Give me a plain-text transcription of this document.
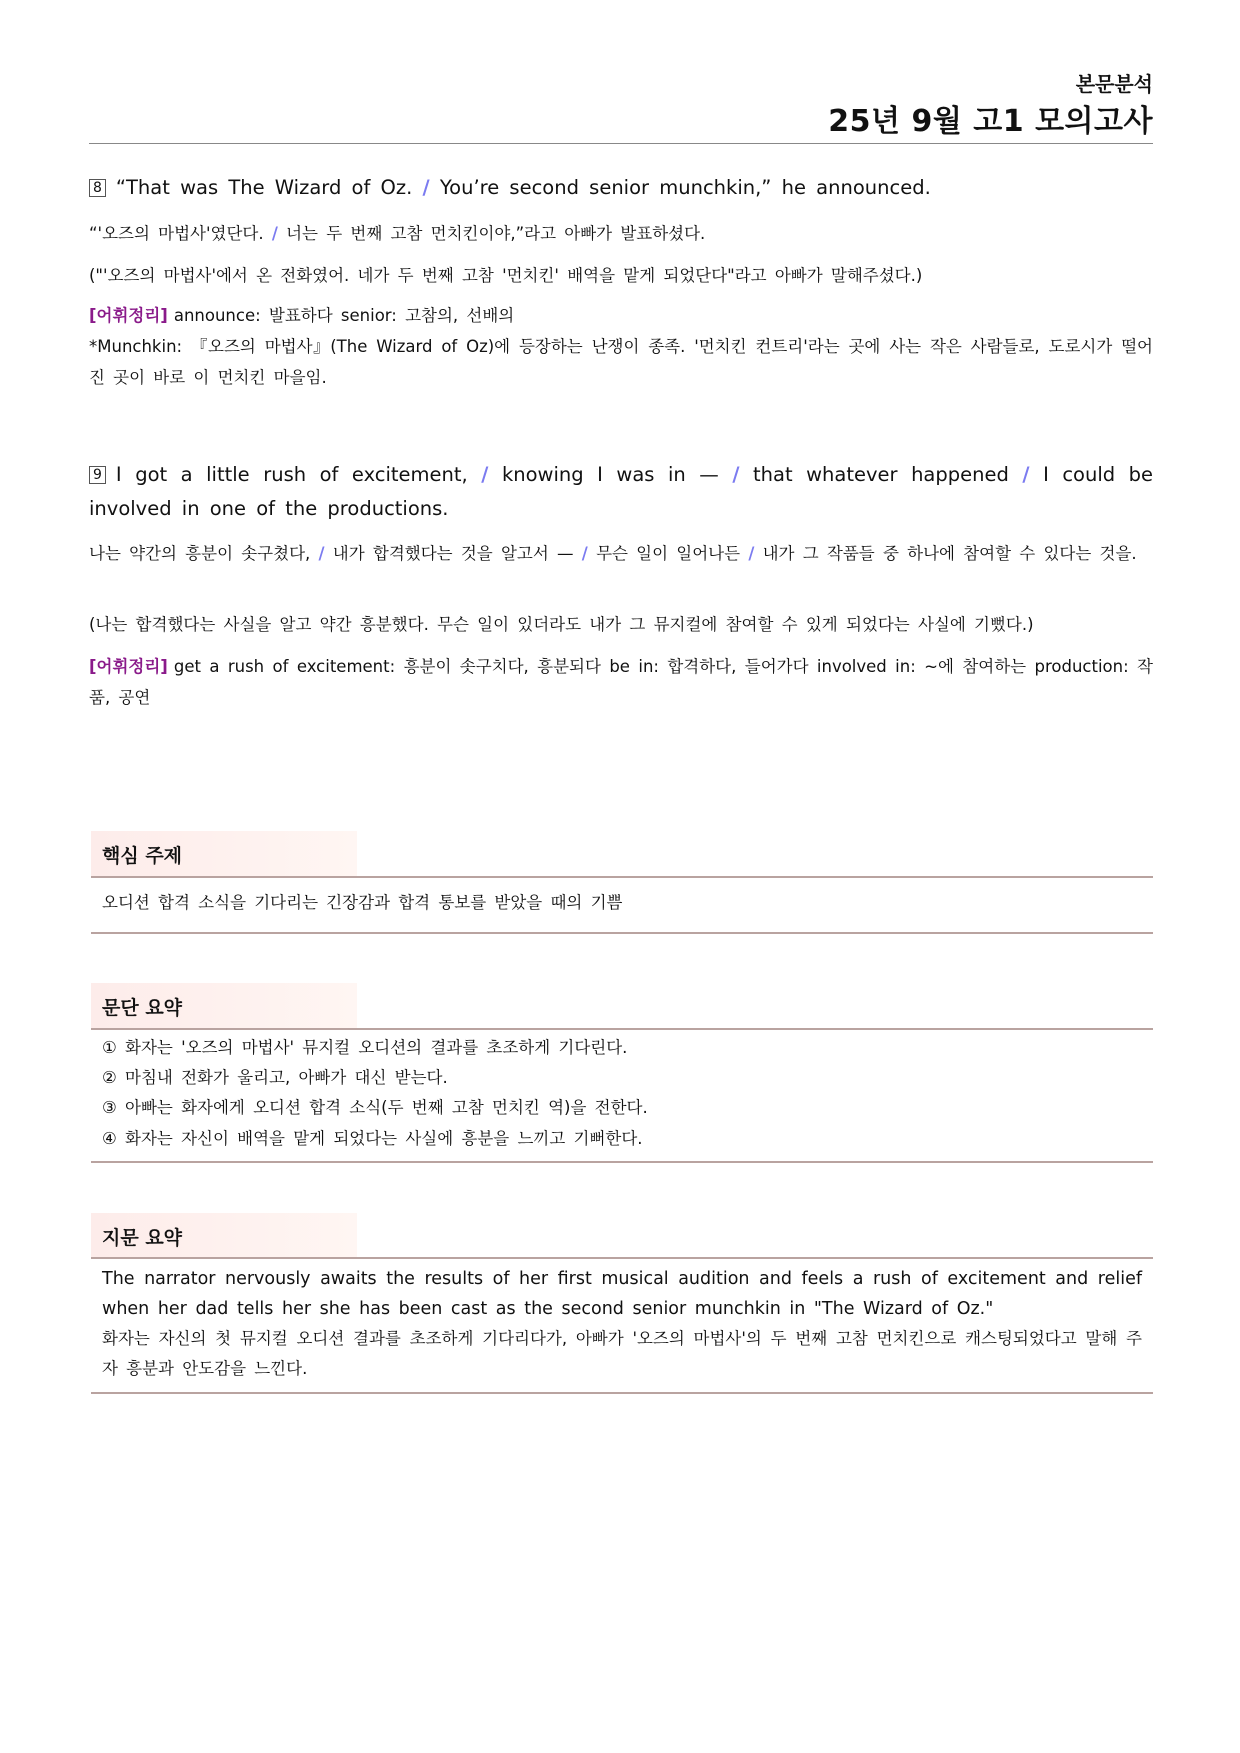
본문분석
25년 9월 고1 모의고사
8 “That was The Wizard of Oz. / You’re second senior munchkin,” he announced.
“'오즈의 마법사'였단다. / 너는 두 번째 고참 먼치킨이야,”라고 아빠가 발표하셨다.
("'오즈의 마법사'에서 온 전화였어. 네가 두 번째 고참 '먼치킨' 배역을 맡게 되었단다"라고 아빠가 말해주셨다.)
[어휘정리] announce: 발표하다 senior: 고참의, 선배의
*Munchkin: 『오즈의 마법사』(The Wizard of Oz)에 등장하는 난쟁이 종족. '먼치킨 컨트리'라는 곳에 사는 작은 사람들로, 도로시가 떨어진 곳이 바로 이 먼치킨 마을임.
9 I got a little rush of excitement, / knowing I was in — / that whatever happened / I could be involved in one of the productions.
나는 약간의 흥분이 솟구쳤다, / 내가 합격했다는 것을 알고서 — / 무슨 일이 일어나든 / 내가 그 작품들 중 하나에 참여할 수 있다는 것을.
(나는 합격했다는 사실을 알고 약간 흥분했다. 무슨 일이 있더라도 내가 그 뮤지컬에 참여할 수 있게 되었다는 사실에 기뻤다.)
[어휘정리] get a rush of excitement: 흥분이 솟구치다, 흥분되다 be in: 합격하다, 들어가다 involved in: ~에 참여하는 production: 작품, 공연
핵심 주제
오디션 합격 소식을 기다리는 긴장감과 합격 통보를 받았을 때의 기쁨
문단 요약
① 화자는 '오즈의 마법사' 뮤지컬 오디션의 결과를 초조하게 기다린다.
② 마침내 전화가 울리고, 아빠가 대신 받는다.
③ 아빠는 화자에게 오디션 합격 소식(두 번째 고참 먼치킨 역)을 전한다.
④ 화자는 자신이 배역을 맡게 되었다는 사실에 흥분을 느끼고 기뻐한다.
지문 요약
The narrator nervously awaits the results of her first musical audition and feels a rush of excitement and relief when her dad tells her she has been cast as the second senior munchkin in "The Wizard of Oz."
화자는 자신의 첫 뮤지컬 오디션 결과를 초조하게 기다리다가, 아빠가 '오즈의 마법사'의 두 번째 고참 먼치킨으로 캐스팅되었다고 말해 주자 흥분과 안도감을 느낀다.
